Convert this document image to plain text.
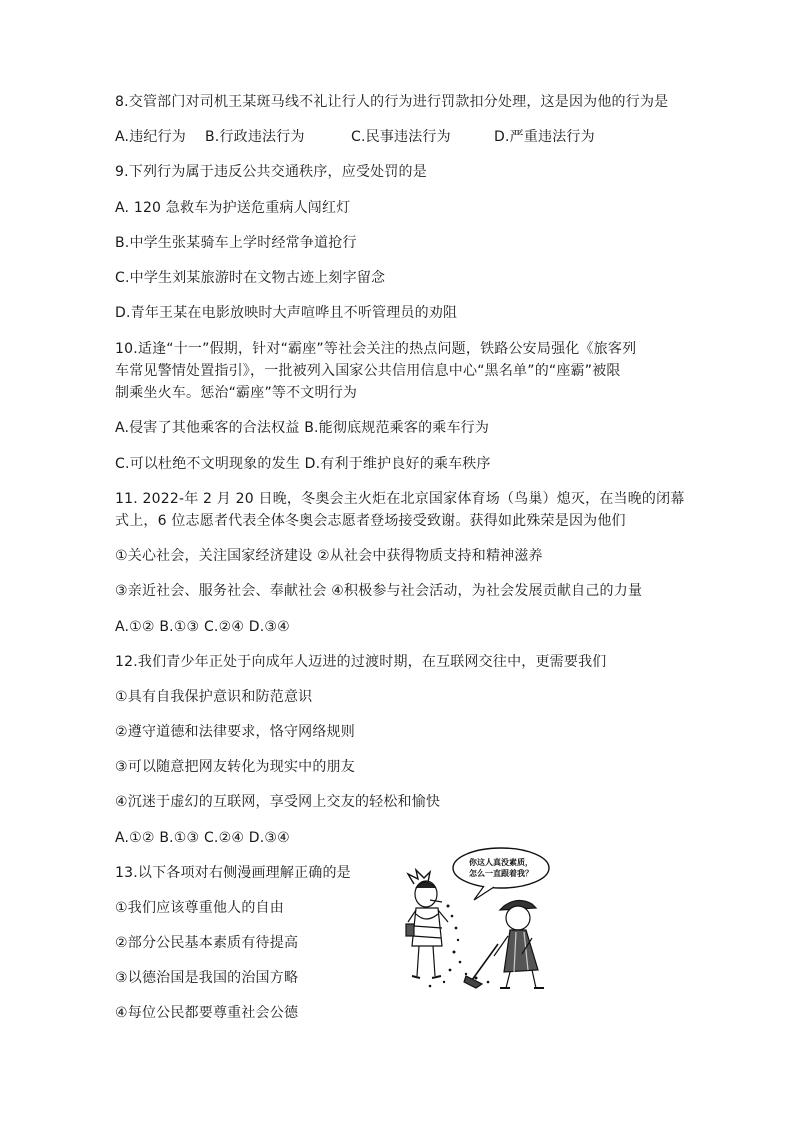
8.交管部门对司机王某斑马线不礼让行人的行为进行罚款扣分处理，这是因为他的行为是
A.违纪行为 B.行政违法行为	C.民事违法行为	D.严重违法行为
9.下列行为属于违反公共交通秩序，应受处罚的是
A. 120 急救车为护送危重病人闯红灯
B.中学生张某骑车上学时经常争道抢行
C.中学生刘某旅游时在文物古迹上刻字留念
D.青年王某在电影放映时大声喧哗且不听管理员的劝阻
10.适逢“十一”假期，针对“霸座”等社会关注的热点问题，铁路公安局强化《旅客列
车常见警情处置指引》，一批被列入国家公共信用信息中心“黑名单”的“座霸”被限
制乘坐火车。惩治“霸座”等不文明行为
A.侵害了其他乘客的合法权益 B.能彻底规范乘客的乘车行为
C.可以杜绝不文明现象的发生 D.有利于维护良好的乘车秩序
11. 2022-年 2 月 20 日晚，冬奥会主火炬在北京国家体育场（鸟巢）熄灭，在当晚的闭幕
式上，6 位志愿者代表全体冬奥会志愿者登场接受致谢。获得如此殊荣是因为他们
①关心社会，关注国家经济建设 ②从社会中获得物质支持和精神滋养
③亲近社会、服务社会、奉献社会 ④积极参与社会活动，为社会发展贡献自己的力量
A.①② B.①③ C.②④ D.③④
12.我们青少年正处于向成年人迈进的过渡时期，在互联网交往中，更需要我们
①具有自我保护意识和防范意识
②遵守道德和法律要求，恪守网络规则
③可以随意把网友转化为现实中的朋友
④沉迷于虚幻的互联网，享受网上交友的轻松和愉快
A.①② B.①③ C.②④ D.③④
13.以下各项对右侧漫画理解正确的是
①我们应该尊重他人的自由
②部分公民基本素质有待提高
③以德治国是我国的治国方略
④每位公民都要尊重社会公德
你这人真没素质，
怎么一直跟着我？
